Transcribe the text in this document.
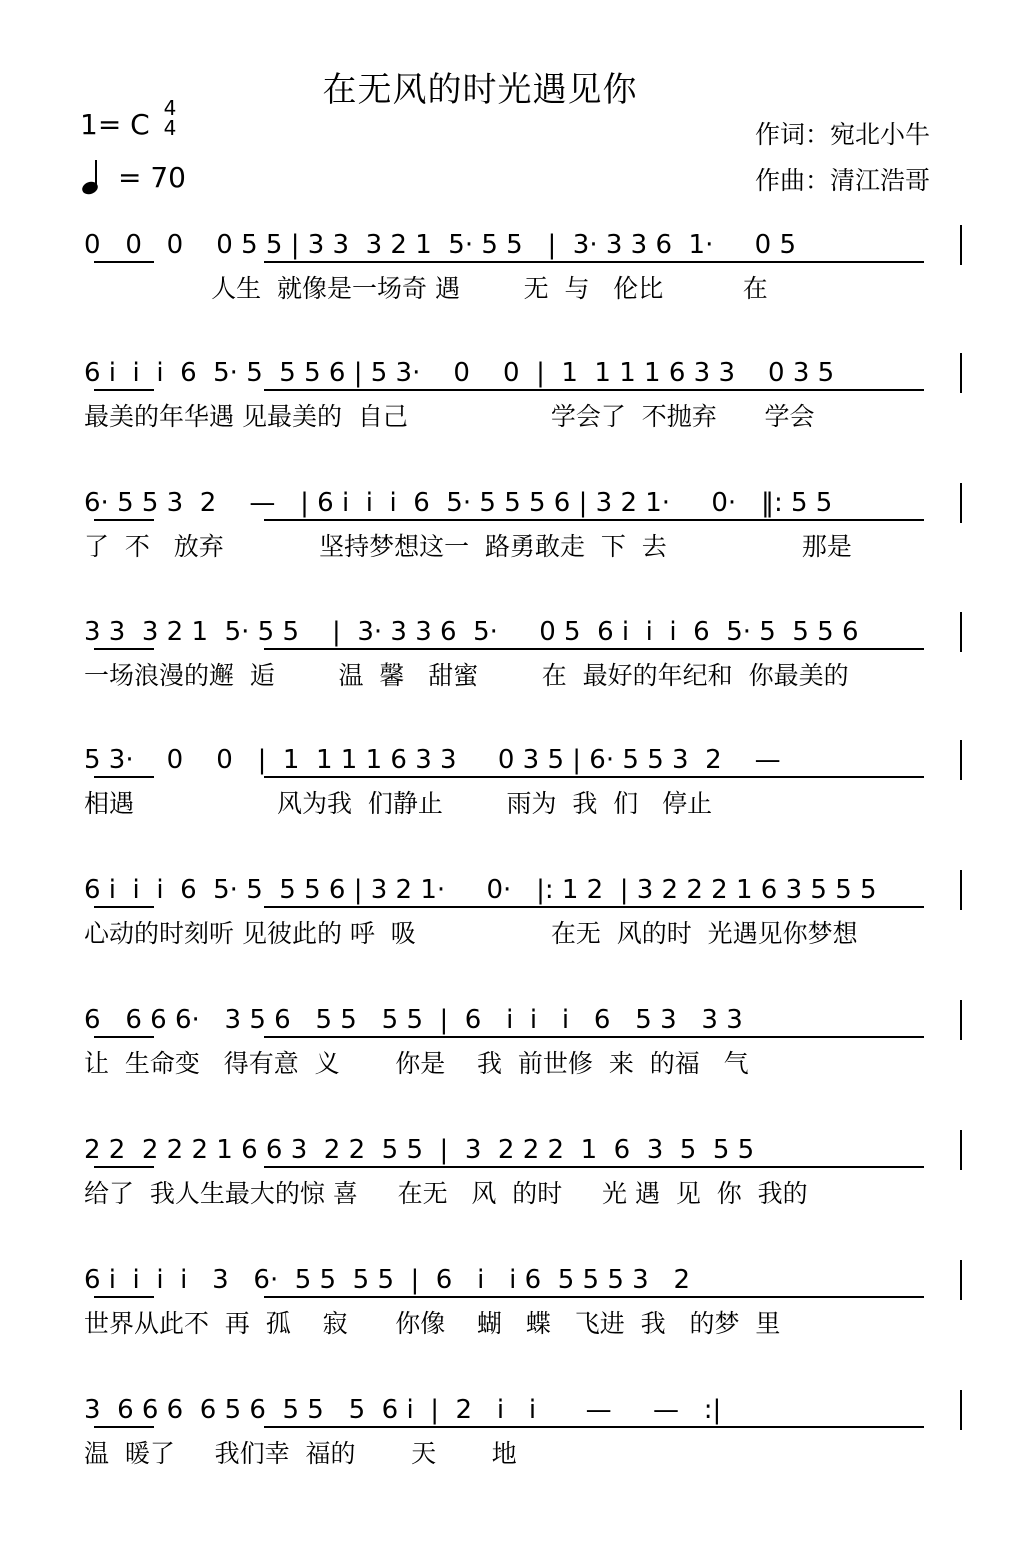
在无风的时光遇见你
1= C 4
4
= 70
作词：宛北小牛
作曲：清江浩哥
0   0   0    0 5 5 | 3 3  3 2 1  5· 5 5   |  3· 3 3 6  1·     0 5
人生  就像是一场奇 遇        无  与   伦比          在
6 i  i  i  6  5· 5  5 5 6 | 5 3·    0    0  |  1  1 1 1 6 3 3    0 3 5
最美的年华遇 见最美的  自己                  学会了  不抛弃      学会
6· 5 5 3  2    —   | 6 i  i  i  6  5· 5 5 5 6 | 3 2 1·     0·   ‖: 5 5
了  不   放弃            坚持梦想这一  路勇敢走  下  去                 那是
3 3  3 2 1  5· 5 5    |  3· 3 3 6  5·     0 5  6 i  i  i  6  5· 5  5 5 6
一场浪漫的邂  逅        温  馨   甜蜜        在  最好的年纪和  你最美的
5 3·    0    0   |  1  1 1 1 6 3 3     0 3 5 | 6· 5 5 3  2    —
相遇                  风为我  们静止        雨为  我  们   停止
6 i  i  i  6  5· 5  5 5 6 | 3 2 1·     0·   |: 1 2  | 3 2 2 2 1 6 3 5 5 5
心动的时刻听 见彼此的 呼  吸                 在无  风的时  光遇见你梦想
6   6 6 6·   3 5 6   5 5   5 5  |  6   i  i   i   6   5 3   3 3
让  生命变   得有意  义       你是    我  前世修  来  的福   气
2 2  2 2 2 1 6 6 3  2 2  5 5  |  3  2 2 2  1  6  3  5  5 5
给了  我人生最大的惊 喜     在无   风  的时     光 遇  见  你  我的
6 i  i  i  i   3   6·  5 5  5 5  |  6   i   i 6  5 5 5 3   2
世界从此不  再  孤    寂      你像    蝴   蝶   飞进  我   的梦  里
3  6 6 6  6 5 6  5 5   5  6 i  |  2   i   i      —     —   :|
温  暖了     我们幸  福的       天       地
